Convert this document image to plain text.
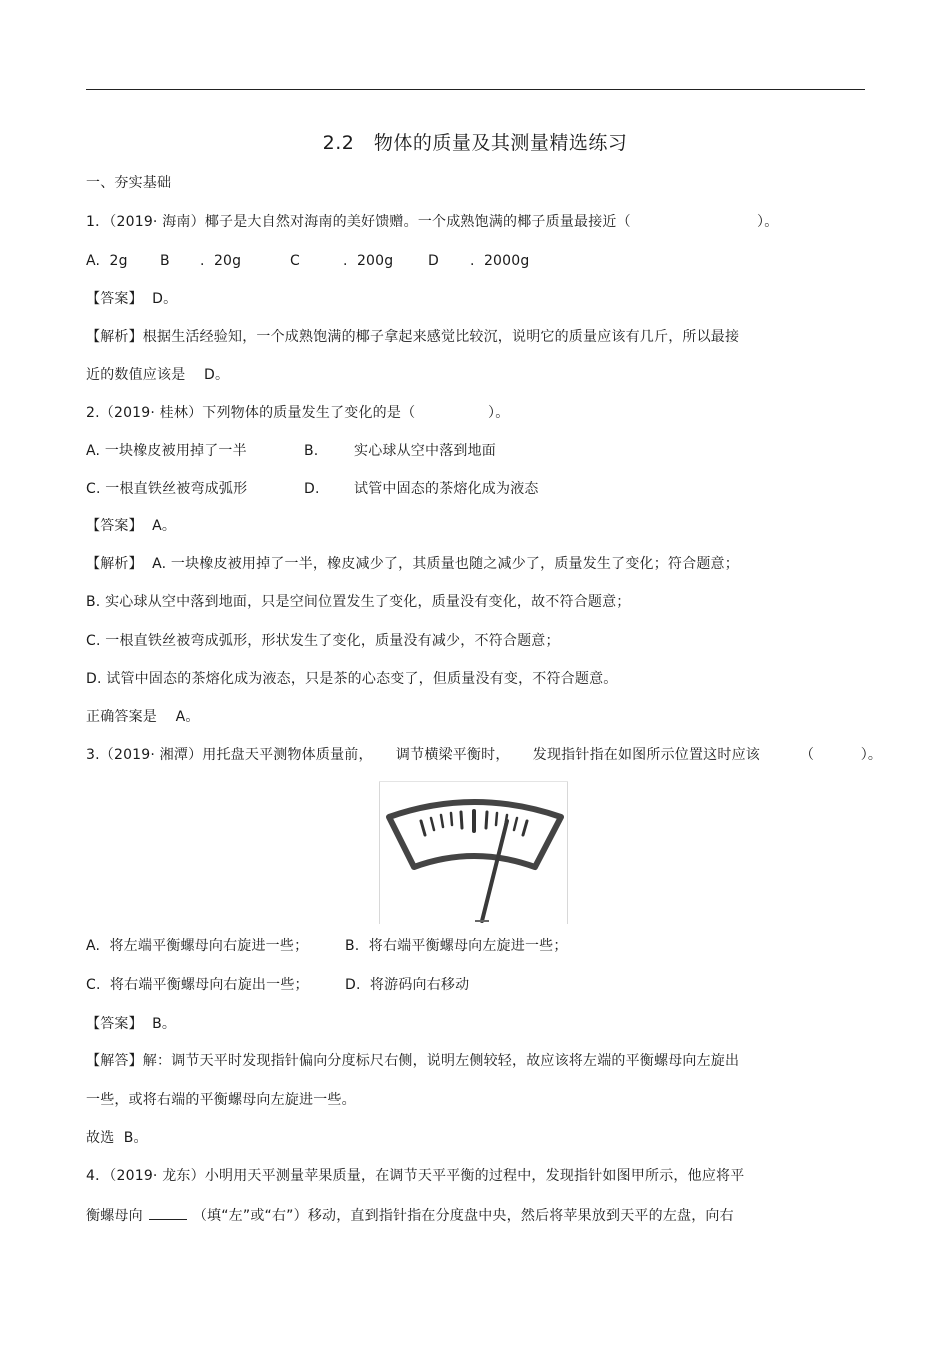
2.2　物体的质量及其测量精选练习
一、夯实基础
1．（2019· 海南）椰子是大自然对海南的美好馈赠。一个成熟饱满的椰子质量最接近（	）。
A.  2g B .  20g	C	.  200g D .  2000g
【答案】  D。
【解析】根据生活经验知，一个成熟饱满的椰子拿起来感觉比较沉，说明它的质量应该有几斤，所以最接
近的数值应该是    D。
2.（2019· 桂林）下列物体的质量发生了变化的是（	）。
A. 一块橡皮被用掉了一半	B.	实心球从空中落到地面
C. 一根直铁丝被弯成弧形	D. 试管中固态的茶熔化成为液态
【答案】  A。
【解析】  A. 一块橡皮被用掉了一半，橡皮减少了，其质量也随之减少了，质量发生了变化；符合题意；
B. 实心球从空中落到地面，只是空间位置发生了变化，质量没有变化，故不符合题意；
C. 一根直铁丝被弯成弧形，形状发生了变化，质量没有减少，不符合题意；
D. 试管中固态的茶熔化成为液态，只是茶的心态变了，但质量没有变，不符合题意。
正确答案是    A。
3.（2019· 湘潭）用托盘天平测物体质量前，     调节横梁平衡时，     发现指针指在如图所示位置这时应该	（          ）。
A.  将左端平衡螺母向右旋进一些；	B.  将右端平衡螺母向左旋进一些；
C.  将右端平衡螺母向右旋出一些；	D.  将游码向右移动
【答案】  B。
【解答】解：调节天平时发现指针偏向分度标尺右侧，说明左侧较轻，故应该将左端的平衡螺母向左旋出
一些，或将右端的平衡螺母向左旋进一些。
故选  B。
4．（2019· 龙东）小明用天平测量苹果质量，在调节天平平衡的过程中，发现指针如图甲所示，他应将平
衡螺母向	（填“左”或“右”）移动，直到指针指在分度盘中央，然后将苹果放到天平的左盘，向右
